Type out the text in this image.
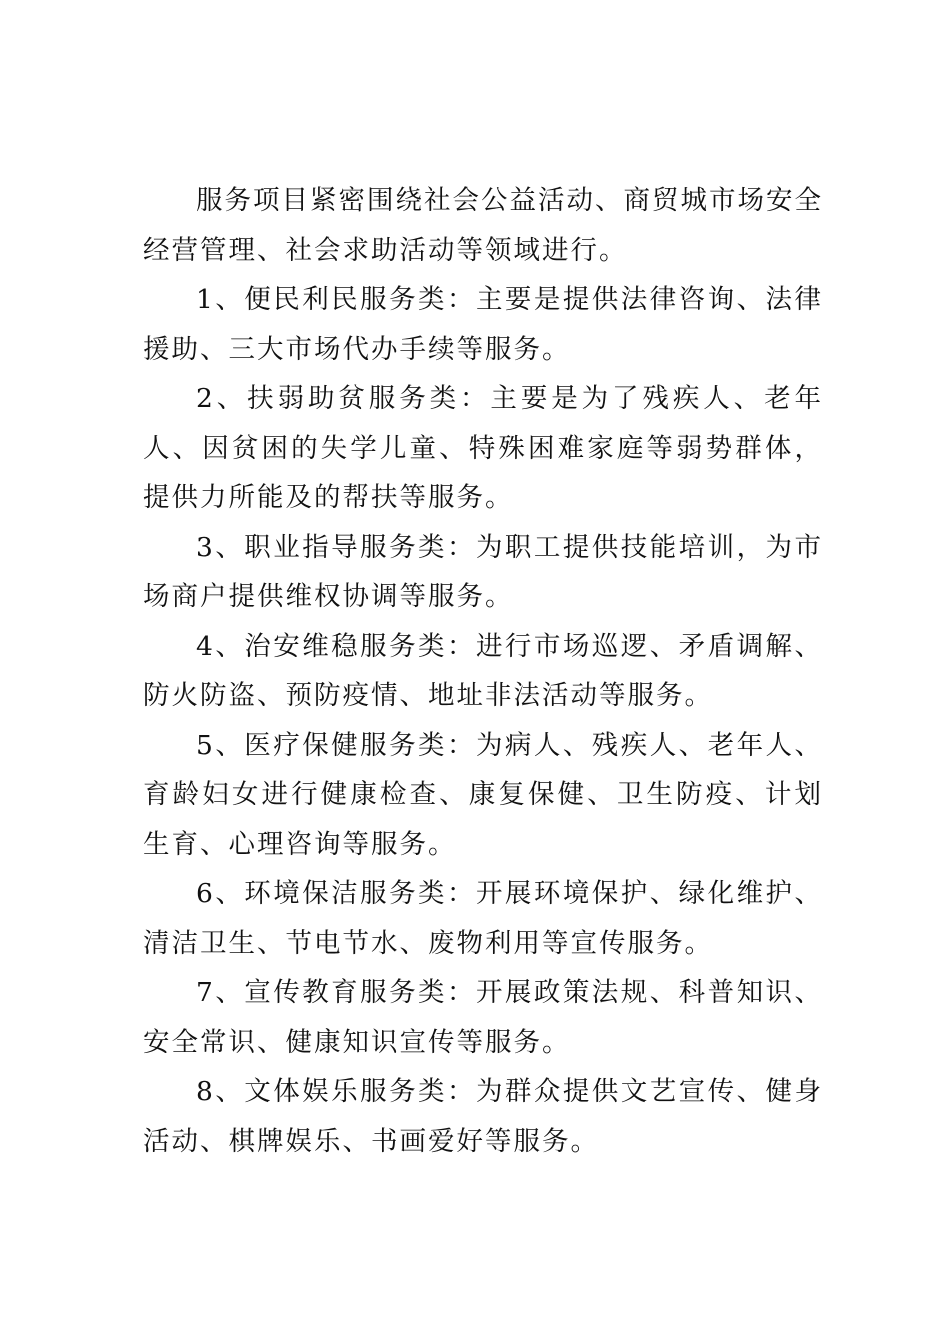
服务项目紧密围绕社会公益活动、商贸城市场安全经营管理、社会求助活动等领域进行。

1、便民利民服务类：主要是提供法律咨询、法律援助、三大市场代办手续等服务。

2、扶弱助贫服务类：主要是为了残疾人、老年人、因贫困的失学儿童、特殊困难家庭等弱势群体，提供力所能及的帮扶等服务。

3、职业指导服务类：为职工提供技能培训，为市场商户提供维权协调等服务。

4、治安维稳服务类：进行市场巡逻、矛盾调解、防火防盗、预防疫情、地址非法活动等服务。

5、医疗保健服务类：为病人、残疾人、老年人、育龄妇女进行健康检查、康复保健、卫生防疫、计划生育、心理咨询等服务。

6、环境保洁服务类：开展环境保护、绿化维护、清洁卫生、节电节水、废物利用等宣传服务。

7、宣传教育服务类：开展政策法规、科普知识、安全常识、健康知识宣传等服务。

8、文体娱乐服务类：为群众提供文艺宣传、健身活动、棋牌娱乐、书画爱好等服务。
